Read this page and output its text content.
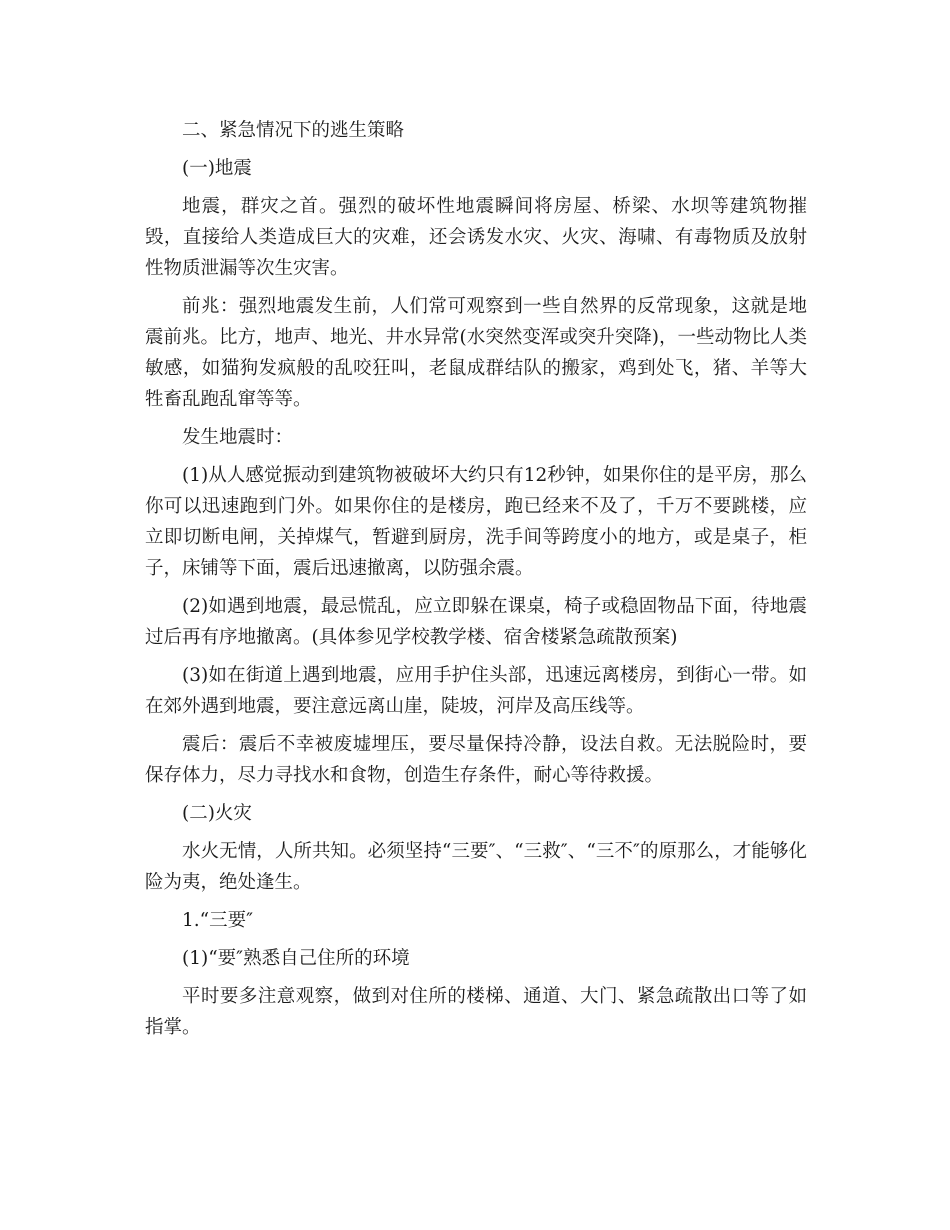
二、紧急情况下的逃生策略

(一)地震

地震，群灾之首。强烈的破坏性地震瞬间将房屋、桥梁、水坝等建筑物摧毁，直接给人类造成巨大的灾难，还会诱发水灾、火灾、海啸、有毒物质及放射性物质泄漏等次生灾害。

前兆：强烈地震发生前，人们常可观察到一些自然界的反常现象，这就是地震前兆。比方，地声、地光、井水异常(水突然变浑或突升突降)，一些动物比人类敏感，如猫狗发疯般的乱咬狂叫，老鼠成群结队的搬家，鸡到处飞，猪、羊等大牲畜乱跑乱窜等等。

发生地震时：

(1)从人感觉振动到建筑物被破坏大约只有12秒钟，如果你住的是平房，那么你可以迅速跑到门外。如果你住的是楼房，跑已经来不及了，千万不要跳楼，应立即切断电闸，关掉煤气，暂避到厨房，洗手间等跨度小的地方，或是桌子，柜子，床铺等下面，震后迅速撤离，以防强余震。

(2)如遇到地震，最忌慌乱，应立即躲在课桌，椅子或稳固物品下面，待地震过后再有序地撤离。(具体参见学校教学楼、宿舍楼紧急疏散预案)

(3)如在街道上遇到地震，应用手护住头部，迅速远离楼房，到街心一带。如在郊外遇到地震，要注意远离山崖，陡坡，河岸及高压线等。

震后：震后不幸被废墟埋压，要尽量保持冷静，设法自救。无法脱险时，要保存体力，尽力寻找水和食物，创造生存条件，耐心等待救援。

(二)火灾

水火无情，人所共知。必须坚持“三要″、“三救″、“三不″的原那么，才能够化险为夷，绝处逢生。

1.“三要″

(1)“要″熟悉自己住所的环境

平时要多注意观察，做到对住所的楼梯、通道、大门、紧急疏散出口等了如指掌。
